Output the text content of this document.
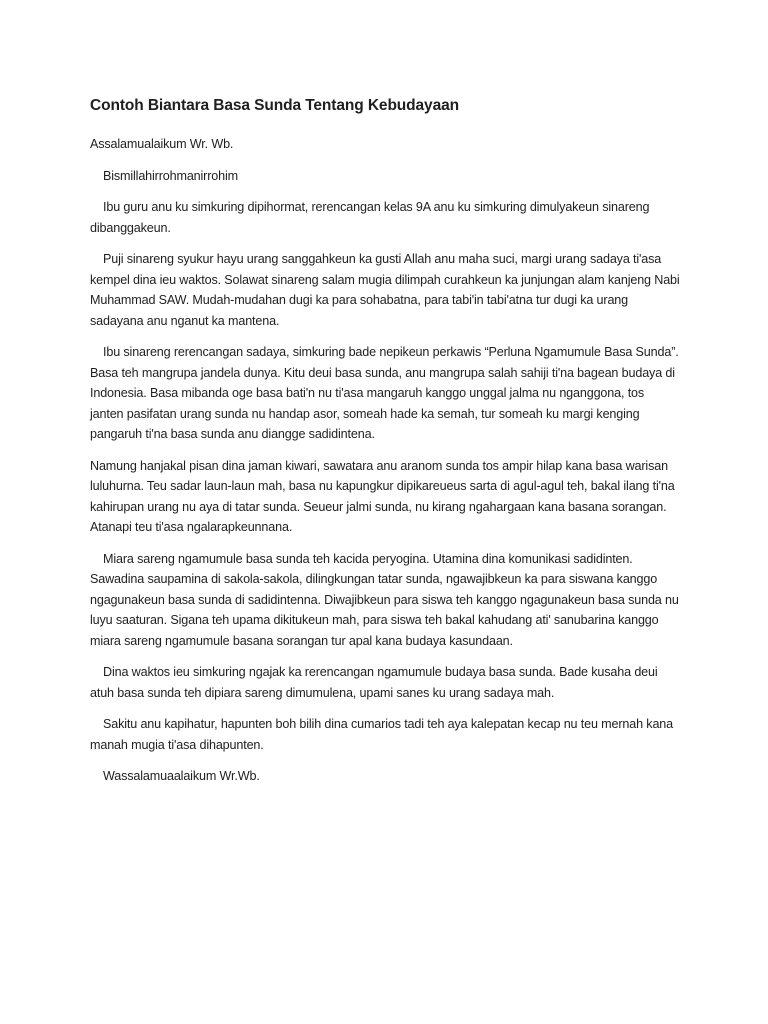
Contoh Biantara Basa Sunda Tentang Kebudayaan

Assalamualaikum Wr. Wb.

Bismillahirrohmanirrohim

Ibu guru anu ku simkuring dipihormat, rerencangan kelas 9A anu ku simkuring dimulyakeun sinareng dibanggakeun.

Puji sinareng syukur hayu urang sanggahkeun ka gusti Allah anu maha suci, margi urang sadaya ti'asa kempel dina ieu waktos. Solawat sinareng salam mugia dilimpah curahkeun ka junjungan alam kanjeng Nabi Muhammad SAW. Mudah-mudahan dugi ka para sohabatna, para tabi'in tabi'atna tur dugi ka urang sadayana anu nganut ka mantena.

Ibu sinareng rerencangan sadaya, simkuring bade nepikeun perkawis “Perluna Ngamumule Basa Sunda”. Basa teh mangrupa jandela dunya. Kitu deui basa sunda, anu mangrupa salah sahiji ti'na bagean budaya di Indonesia. Basa mibanda oge basa bati'n nu ti'asa mangaruh kanggo unggal jalma nu nganggona, tos janten pasifatan urang sunda nu handap asor, someah hade ka semah, tur someah ku margi kenging pangaruh ti'na basa sunda anu diangge sadidintena.

Namung hanjakal pisan dina jaman kiwari, sawatara anu aranom sunda tos ampir hilap kana basa warisan luluhurna. Teu sadar laun-laun mah, basa nu kapungkur dipikareueus sarta di agul-agul teh, bakal ilang ti'na kahirupan urang nu aya di tatar sunda. Seueur jalmi sunda, nu kirang ngahargaan kana basana sorangan. Atanapi teu ti'asa ngalarapkeunnana.

Miara sareng ngamumule basa sunda teh kacida peryogina. Utamina dina komunikasi sadidinten. Sawadina saupamina di sakola-sakola, dilingkungan tatar sunda, ngawajibkeun ka para siswana kanggo ngagunakeun basa sunda di sadidintenna. Diwajibkeun para siswa teh kanggo ngagunakeun basa sunda nu luyu saaturan. Sigana teh upama dikitukeun mah, para siswa teh bakal kahudang ati' sanubarina kanggo miara sareng ngamumule basana sorangan tur apal kana budaya kasundaan.

Dina waktos ieu simkuring ngajak ka rerencangan ngamumule budaya basa sunda. Bade kusaha deui atuh basa sunda teh dipiara sareng dimumulena, upami sanes ku urang sadaya mah.

Sakitu anu kapihatur, hapunten boh bilih dina cumarios tadi teh aya kalepatan kecap nu teu mernah kana manah mugia ti'asa dihapunten.

Wassalamuaalaikum Wr.Wb.
